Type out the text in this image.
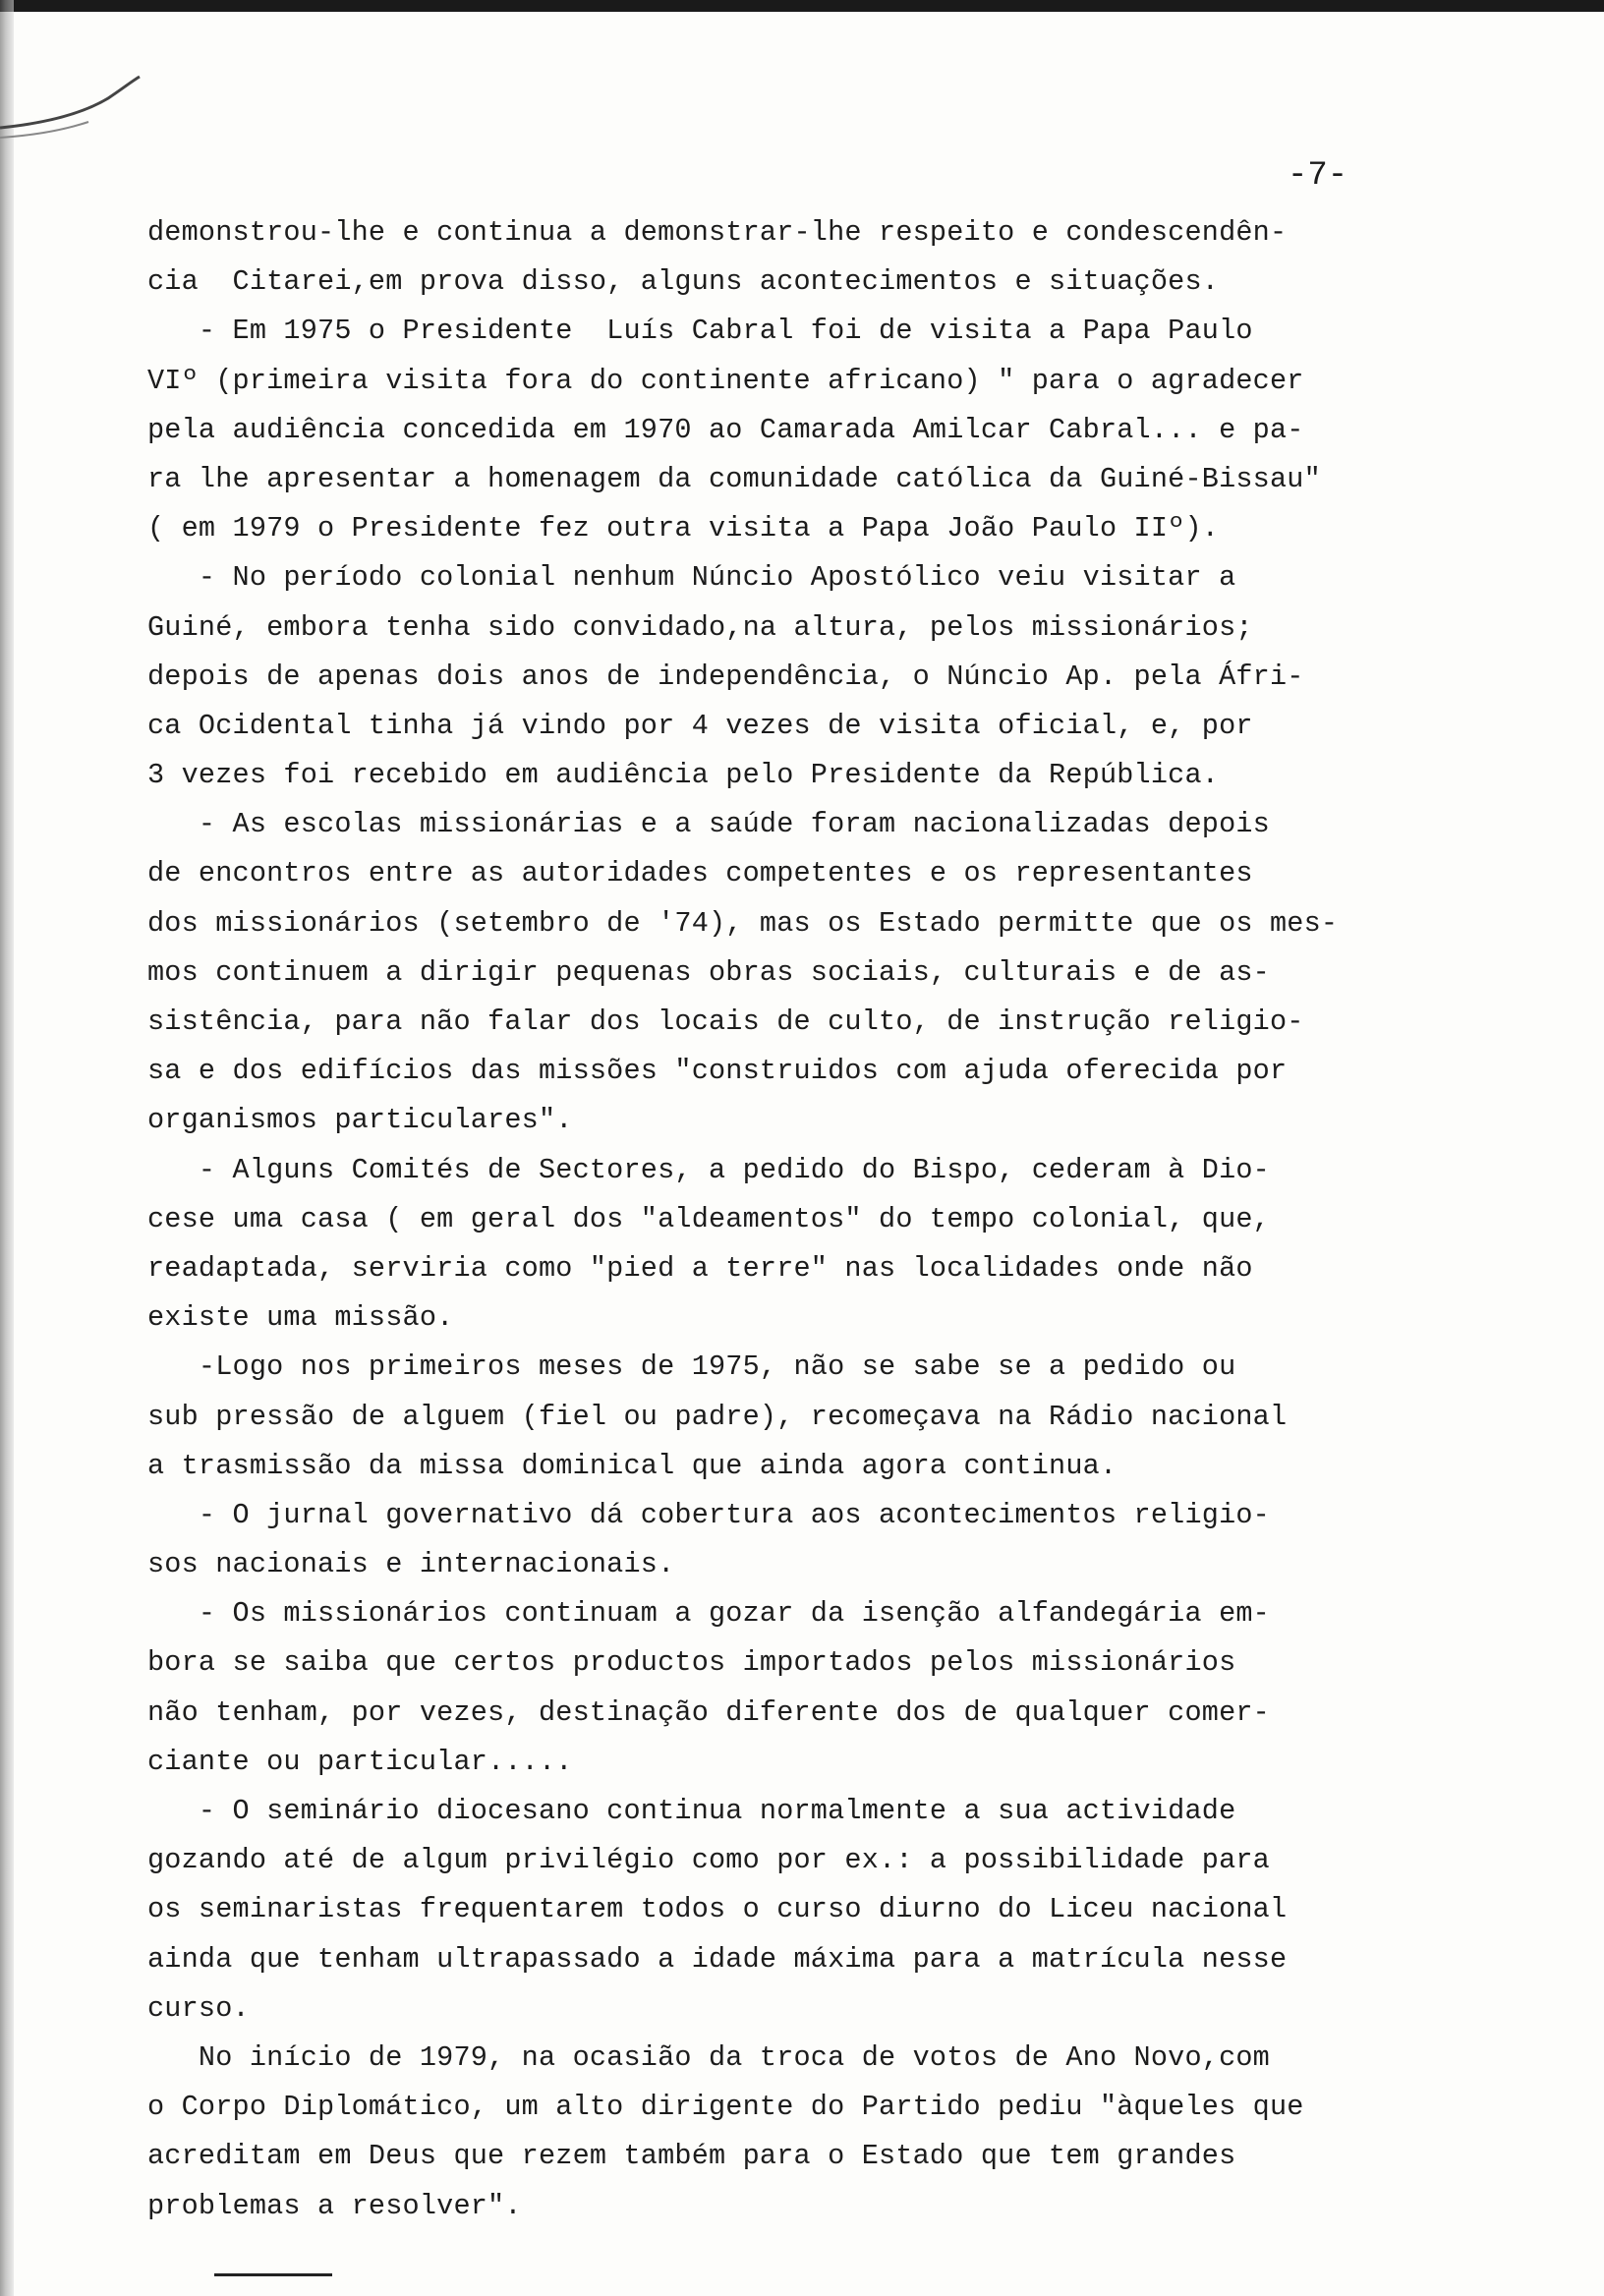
-7-
demonstrou-lhe e continua a demonstrar-lhe respeito e condescendên-
cia  Citarei,em prova disso, alguns acontecimentos e situações.
- Em 1975 o Presidente  Luís Cabral foi de visita a Papa Paulo
VIº (primeira visita fora do continente africano) " para o agradecer
pela audiência concedida em 1970 ao Camarada Amilcar Cabral... e pa-
ra lhe apresentar a homenagem da comunidade católica da Guiné-Bissau"
( em 1979 o Presidente fez outra visita a Papa João Paulo IIº).
- No período colonial nenhum Núncio Apostólico veiu visitar a
Guiné, embora tenha sido convidado,na altura, pelos missionários;
depois de apenas dois anos de independência, o Núncio Ap. pela Áfri-
ca Ocidental tinha já vindo por 4 vezes de visita oficial, e, por
3 vezes foi recebido em audiência pelo Presidente da República.
- As escolas missionárias e a saúde foram nacionalizadas depois
de encontros entre as autoridades competentes e os representantes
dos missionários (setembro de '74), mas os Estado permitte que os mes-
mos continuem a dirigir pequenas obras sociais, culturais e de as-
sistência, para não falar dos locais de culto, de instrução religio-
sa e dos edifícios das missões "construidos com ajuda oferecida por
organismos particulares".
- Alguns Comités de Sectores, a pedido do Bispo, cederam à Dio-
cese uma casa ( em geral dos "aldeamentos" do tempo colonial, que,
readaptada, serviria como "pied a terre" nas localidades onde não
existe uma missão.
-Logo nos primeiros meses de 1975, não se sabe se a pedido ou
sub pressão de alguem (fiel ou padre), recomeçava na Rádio nacional
a trasmissão da missa dominical que ainda agora continua.
- O jurnal governativo dá cobertura aos acontecimentos religio-
sos nacionais e internacionais.
- Os missionários continuam a gozar da isenção alfandegária em-
bora se saiba que certos productos importados pelos missionários
não tenham, por vezes, destinação diferente dos de qualquer comer-
ciante ou particular.....
- O seminário diocesano continua normalmente a sua actividade
gozando até de algum privilégio como por ex.: a possibilidade para
os seminaristas frequentarem todos o curso diurno do Liceu nacional
ainda que tenham ultrapassado a idade máxima para a matrícula nesse
curso.
No início de 1979, na ocasião da troca de votos de Ano Novo,com
o Corpo Diplomático, um alto dirigente do Partido pediu "àqueles que
acreditam em Deus que rezem também para o Estado que tem grandes
problemas a resolver".
